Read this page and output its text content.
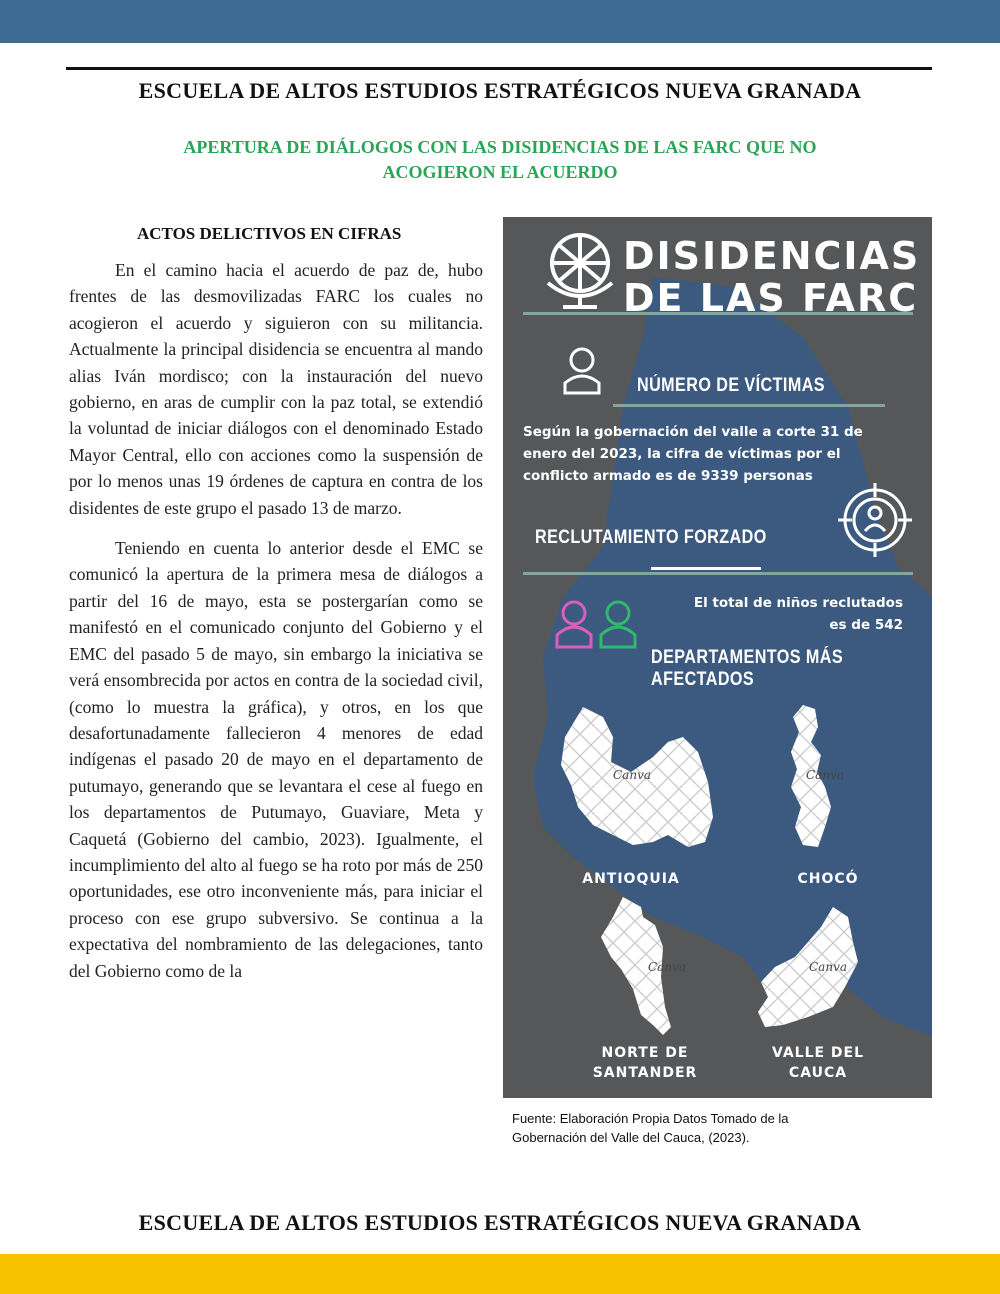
ESCUELA DE ALTOS ESTUDIOS ESTRATÉGICOS NUEVA GRANADA
APERTURA DE DIÁLOGOS CON LAS DISIDENCIAS DE LAS FARC QUE NO
ACOGIERON EL ACUERDO
ACTOS DELICTIVOS EN CIFRAS

En el camino hacia el acuerdo de paz de, hubo frentes de las desmovilizadas FARC los cuales no acogieron el acuerdo y siguieron con su militancia. Actualmente la principal disidencia se encuentra al mando alias Iván mordisco; con la instauración del nuevo gobierno, en aras de cumplir con la paz total, se extendió la voluntad de iniciar diálogos con el denominado Estado Mayor Central, ello con acciones como la suspensión de por lo menos unas 19 órdenes de captura en contra de los disidentes de este grupo el pasado 13 de marzo.

Teniendo en cuenta lo anterior desde el EMC se comunicó la apertura de la primera mesa de diálogos a partir del 16 de mayo, esta se postergarían como se manifestó en el comunicado conjunto del Gobierno y el EMC del pasado 5 de mayo, sin embargo la iniciativa se verá ensombrecida por actos en contra de la sociedad civil, (como lo muestra la gráfica), y otros, en los que desafortunadamente fallecieron 4 menores de edad indígenas el pasado 20 de mayo en el departamento de putumayo, generando que se levantara el cese al fuego en los departamentos de Putumayo, Guaviare, Meta y Caquetá (Gobierno del cambio, 2023). Igualmente, el incumplimiento del alto al fuego se ha roto por más de 250 oportunidades, ese otro inconveniente más, para iniciar el proceso con ese grupo subversivo. Se continua a la expectativa del nombramiento de las delegaciones, tanto del Gobierno como de la

DISIDENCIAS
DE LAS FARC
NÚMERO DE VÍCTIMAS
Según la gobernación del valle a corte 31 de
enero del 2023, la cifra de víctimas por el
conflicto armado es de 9339 personas
RECLUTAMIENTO FORZADO
El total de niños reclutados
es de 542
DEPARTAMENTOS MÁS AFECTADOS
Canva	Canva
Canva	Canva
ANTIOQUIA	CHOCÓ
NORTE DE
SANTANDER
VALLE DEL
CAUCA
Fuente: Elaboración Propia Datos Tomado de la
Gobernación del Valle del Cauca, (2023).
ESCUELA DE ALTOS ESTUDIOS ESTRATÉGICOS NUEVA GRANADA
